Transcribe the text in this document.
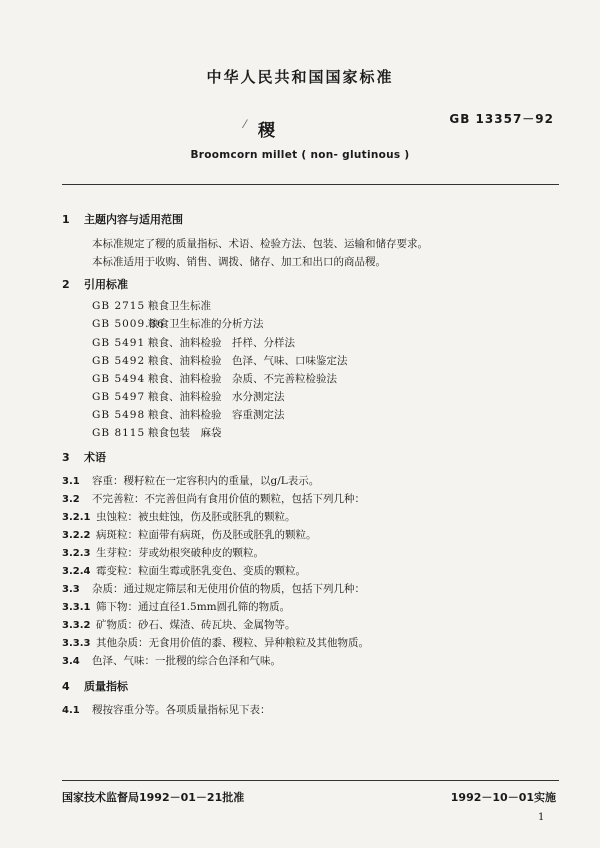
中华人民共和国国家标准
GB 13357－92
⁄ 稷
Broomcorn millet ( non- glutinous )
1 主题内容与适用范围
本标准规定了稷的质量指标、术语、检验方法、包装、运输和储存要求。
本标准适用于收购、销售、调拨、储存、加工和出口的商品稷。
2 引用标准
GB 2715 粮食卫生标准
GB 5009.36粮食卫生标准的分析方法
GB 5491 粮食、油料检验　扦样、分样法
GB 5492 粮食、油料检验　色泽、气味、口味鉴定法
GB 5494 粮食、油料检验　杂质、不完善粒检验法
GB 5497 粮食、油料检验　水分测定法
GB 5498 粮食、油料检验　容重测定法
GB 8115 粮食包装　麻袋
3 术语
3.1 容重：稷籽粒在一定容积内的重量，以g/L表示。
3.2 不完善粒：不完善但尚有食用价值的颗粒，包括下列几种：
3.2.1 虫蚀粒：被虫蛀蚀，伤及胚或胚乳的颗粒。
3.2.2 病斑粒：粒面带有病斑，伤及胚或胚乳的颗粒。
3.2.3 生芽粒：芽或幼根突破种皮的颗粒。
3.2.4 霉变粒：粒面生霉或胚乳变色、变质的颗粒。
3.3 杂质：通过规定筛层和无使用价值的物质，包括下列几种：
3.3.1 筛下物：通过直径1.5mm圆孔筛的物质。
3.3.2 矿物质：砂石、煤渣、砖瓦块、金属物等。
3.3.3 其他杂质：无食用价值的黍、稷粒、异种粮粒及其他物质。
3.4 色泽、气味：一批稷的综合色泽和气味。
4 质量指标
4.1 稷按容重分等。各项质量指标见下表：
国家技术监督局1992－01－21批准	1992－10－01实施
1
